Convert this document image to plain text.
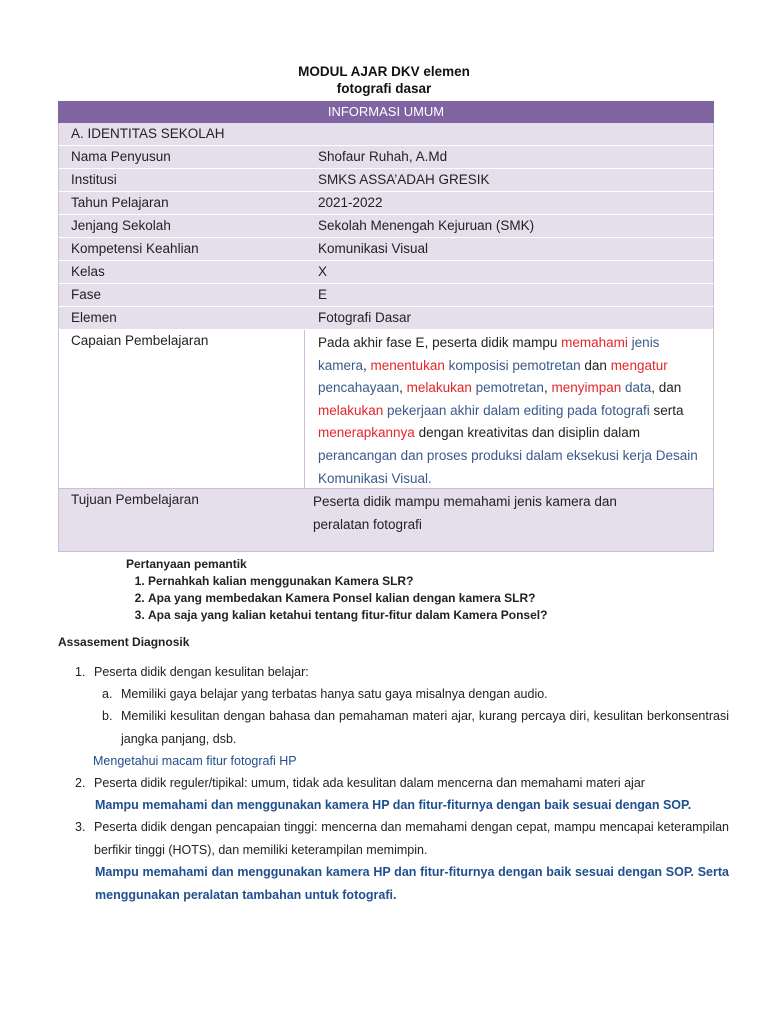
MODUL AJAR DKV elemen
fotografi dasar
INFORMASI UMUM
A. IDENTITAS SEKOLAH
Nama Penyusun	Shofaur Ruhah, A.Md
Institusi	SMKS ASSA’ADAH GRESIK
Tahun Pelajaran	2021-2022
Jenjang Sekolah	Sekolah Menengah Kejuruan (SMK)
Kompetensi Keahlian	Komunikasi Visual
Kelas	X
Fase	E
Elemen	Fotografi Dasar
Capaian Pembelajaran	Pada akhir fase E, peserta didik mampu memahami jenis kamera, menentukan komposisi pemotretan dan mengatur pencahayaan, melakukan pemotretan, menyimpan data, dan melakukan pekerjaan akhir dalam editing pada fotografi serta menerapkannya dengan kreativitas dan disiplin dalam perancangan dan proses produksi dalam eksekusi kerja Desain Komunikasi Visual.
Tujuan Pembelajaran	Peserta didik mampu memahami jenis kamera dan peralatan fotografi
Pertanyaan pemantik
1. Pernahkah kalian menggunakan Kamera SLR?
2. Apa yang membedakan Kamera Ponsel kalian dengan kamera SLR?
3. Apa saja yang kalian ketahui tentang fitur-fitur dalam Kamera Ponsel?
Assasement Diagnosik
1. Peserta didik dengan kesulitan belajar:
a. Memiliki gaya belajar yang terbatas hanya satu gaya misalnya dengan audio.
b. Memiliki kesulitan dengan bahasa dan pemahaman materi ajar, kurang percaya diri, kesulitan berkonsentrasi jangka panjang, dsb.
Mengetahui macam fitur fotografi HP
2. Peserta didik reguler/tipikal: umum, tidak ada kesulitan dalam mencerna dan memahami materi ajar
Mampu memahami dan menggunakan kamera HP dan fitur-fiturnya dengan baik sesuai dengan SOP.
3. Peserta didik dengan pencapaian tinggi: mencerna dan memahami dengan cepat, mampu mencapai keterampilan berfikir tinggi (HOTS), dan memiliki keterampilan memimpin.
Mampu memahami dan menggunakan kamera HP dan fitur-fiturnya dengan baik sesuai dengan SOP. Serta menggunakan peralatan tambahan untuk fotografi.
